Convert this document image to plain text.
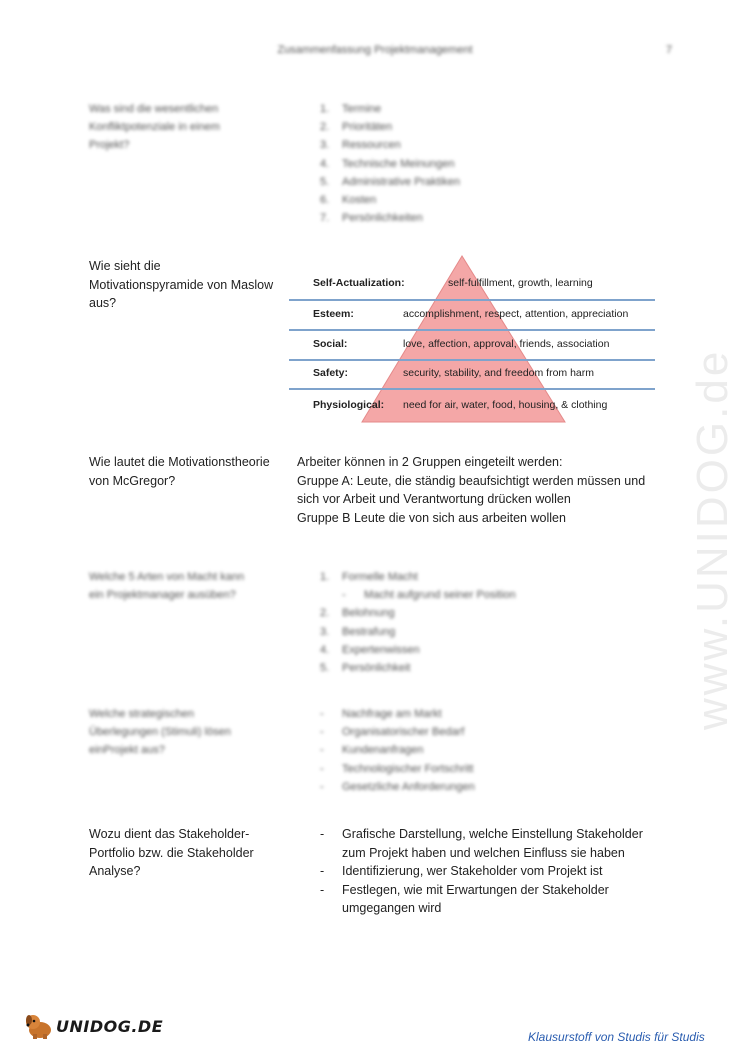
Zusammenfassung Projektmanagement	7
Was sind die wesentlichen
Konfliktpotenziale in einem
Projekt?
1. Termine
2. Prioritäten
3. Ressourcen
4. Technische Meinungen
5. Administrative Praktiken
6. Kosten
7. Persönlichkeiten
Wie sieht die
Motivationspyramide von Maslow
aus?
Self-Actualization:	self-fulfillment, growth, learning
Esteem:	accomplishment, respect, attention, appreciation
Social:	love, affection, approval, friends, association
Safety:	security, stability, and freedom from harm
Physiological: need for air, water, food, housing, & clothing
Wie lautet die Motivationstheorie
von McGregor?
Arbeiter können in 2 Gruppen eingeteilt werden:
Gruppe A: Leute, die ständig beaufsichtigt werden müssen und
sich vor Arbeit und Verantwortung drücken wollen
Gruppe B Leute die von sich aus arbeiten wollen
Welche 5 Arten von Macht kann
ein Projektmanager ausüben?
1. Formelle Macht
- Macht aufgrund seiner Position
2. Belohnung
3. Bestrafung
4. Expertenwissen
5. Persönlichkeit
Welche strategischen
Überlegungen (Stimuli) lösen
einProjekt aus?
- Nachfrage am Markt
- Organisatorischer Bedarf
- Kundenanfragen
- Technologischer Fortschritt
- Gesetzliche Anforderungen
Wozu dient das Stakeholder-
Portfolio bzw. die Stakeholder
Analyse?
- Grafische Darstellung, welche Einstellung Stakeholder
zum Projekt haben und welchen Einfluss sie haben
- Identifizierung, wer Stakeholder vom Projekt ist
- Festlegen, wie mit Erwartungen der Stakeholder
umgegangen wird
www.UNIDOG.de
UNIDOG.DE
Klausurstoff von Studis für Studis
